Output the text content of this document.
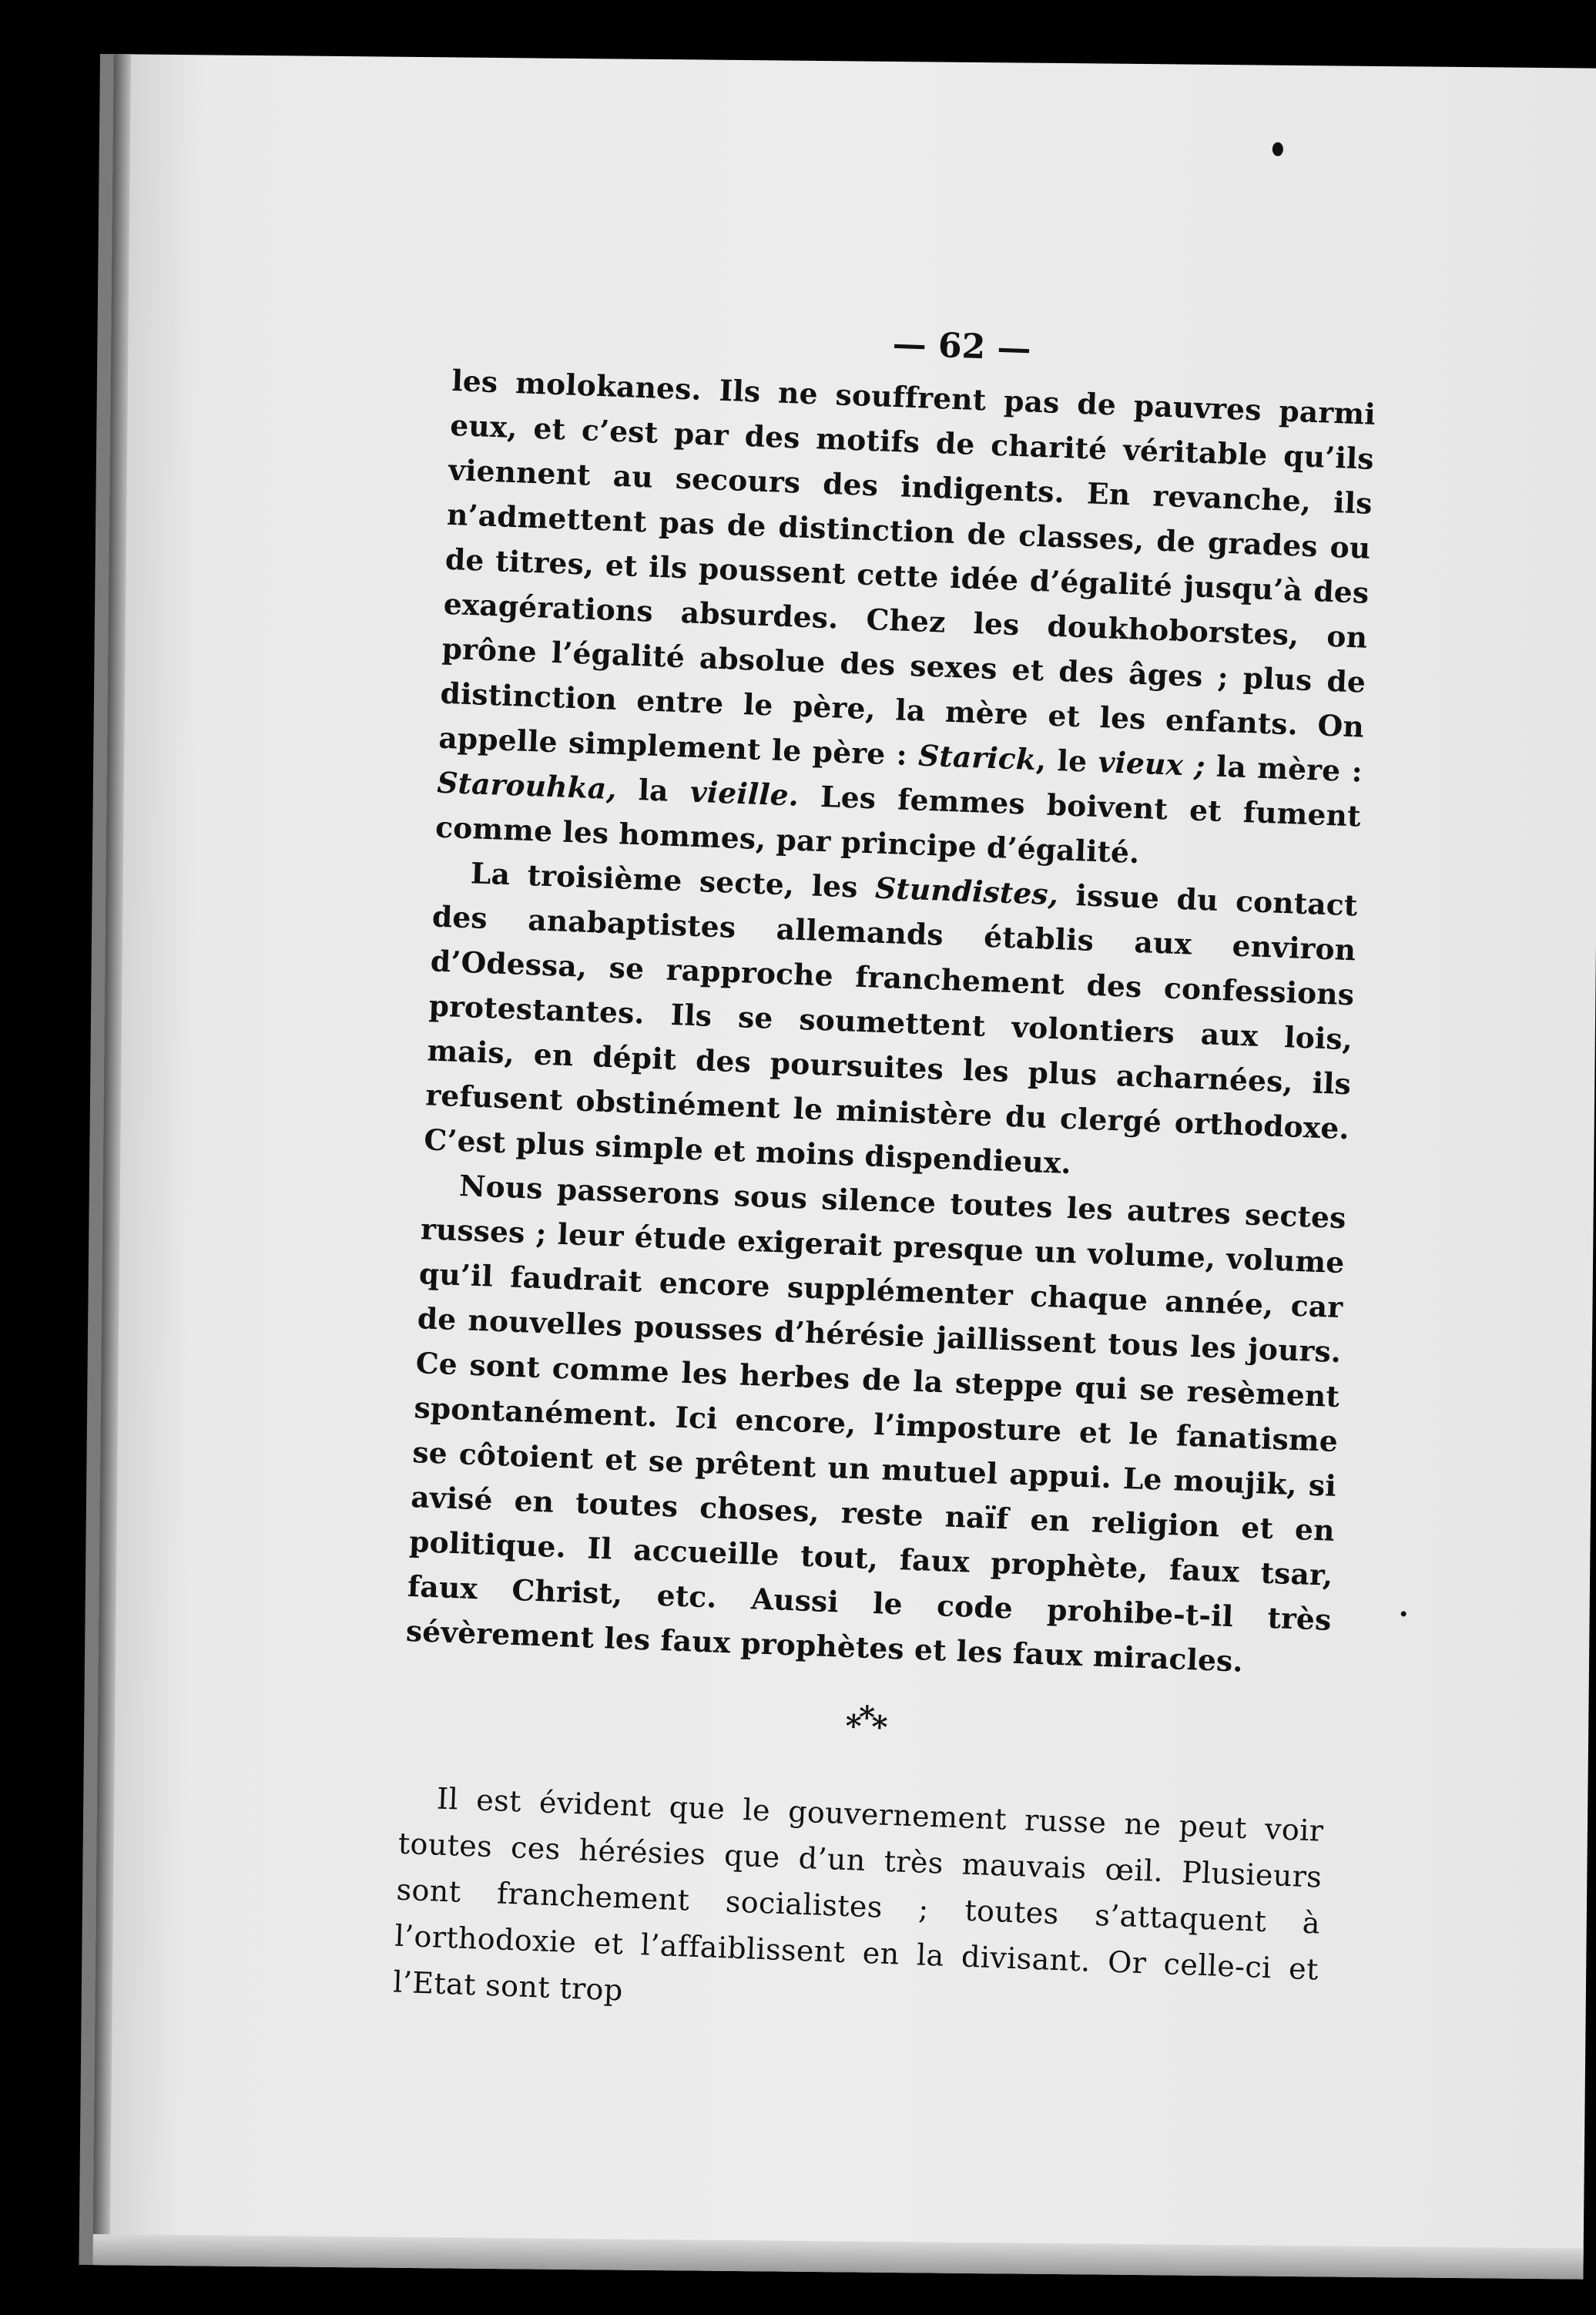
— 62 —

les molokanes. Ils ne souffrent pas de pauvres parmi eux, et c’est par des motifs de charité véritable qu’ils viennent au secours des indigents. En revanche, ils n’admettent pas de distinction de classes, de grades ou de titres, et ils poussent cette idée d’égalité jusqu’à des exagérations absurdes. Chez les doukhoborstes, on prône l’égalité absolue des sexes et des âges ; plus de distinction entre le père, la mère et les enfants. On appelle simplement le père : Starick, le vieux ; la mère : Starouhka, la vieille. Les femmes boivent et fument comme les hommes, par principe d’égalité.

La troisième secte, les Stundistes, issue du contact des anabaptistes allemands établis aux environ d’Odessa, se rapproche franchement des confessions protestantes. Ils se soumettent volontiers aux lois, mais, en dépit des poursuites les plus acharnées, ils refusent obstinément le ministère du clergé orthodoxe. C’est plus simple et moins dispendieux.

Nous passerons sous silence toutes les autres sectes russes ; leur étude exigerait presque un volume, volume qu’il faudrait encore supplémenter chaque année, car de nouvelles pousses d’hérésie jaillissent tous les jours. Ce sont comme les herbes de la steppe qui se resèment spontanément. Ici encore, l’imposture et le fanatisme se côtoient et se prêtent un mutuel appui. Le moujik, si avisé en toutes choses, reste naïf en religion et en politique. Il accueille tout, faux prophète, faux tsar, faux Christ, etc. Aussi le code prohibe-t-il très sévèrement les faux prophètes et les faux miracles.

***

Il est évident que le gouvernement russe ne peut voir toutes ces hérésies que d’un très mauvais œil. Plusieurs sont franchement socialistes ; toutes s’attaquent à l’orthodoxie et l’affaiblissent en la divisant. Or celle-ci et l’Etat sont trop
